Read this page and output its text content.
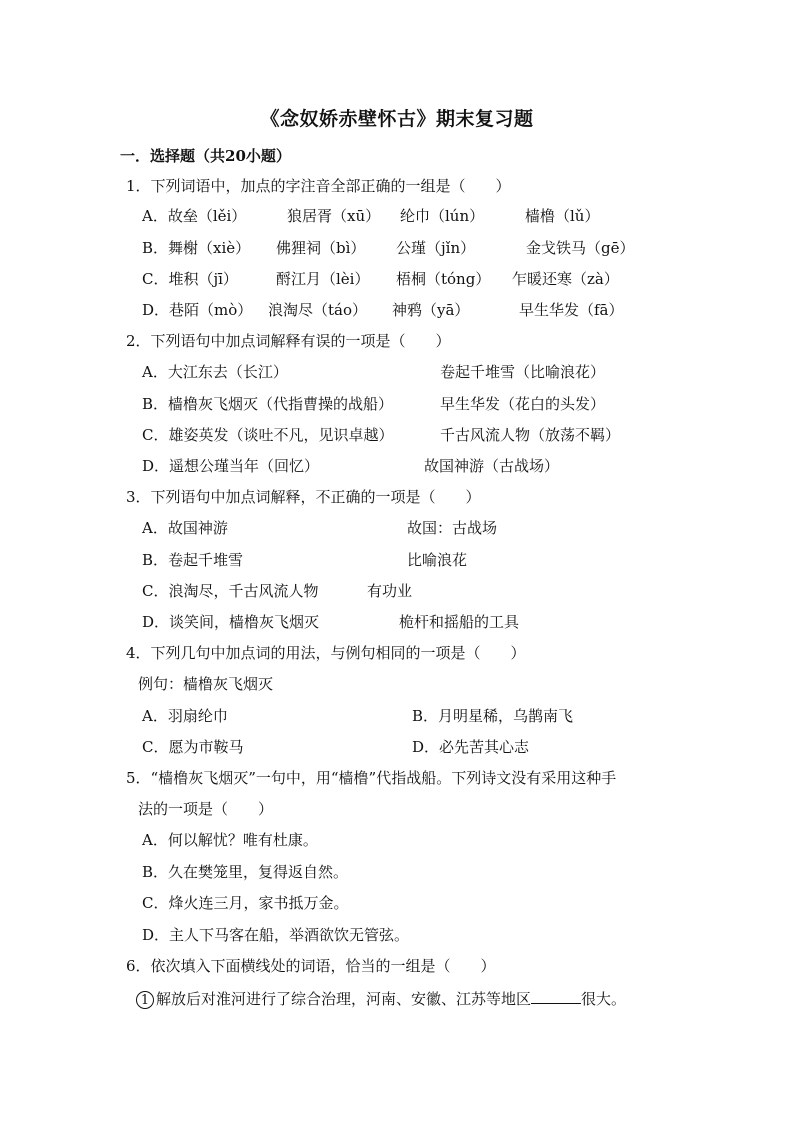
《念奴娇赤壁怀古》期末复习题
一．选择题（共20小题）
1．下列词语中，加点的字注音全部正确的一组是（　　）
A．故垒（lěi）	狼居胥（xū） 纶巾（lún）	樯橹（lǔ）
B．舞榭（xiè） 佛狸祠（bì） 公瑾（jǐn）	金戈铁马（gē）
C．堆积（jī）	酹江月（lèi） 梧桐（tóng） 乍暖还寒（zà）
D．巷陌（mò） 浪淘尽（táo） 神鸦（yā）	早生华发（fā）
2．下列语句中加点词解释有误的一项是（　　）
A．大江东去（长江）	卷起千堆雪（比喻浪花）
B．樯橹灰飞烟灭（代指曹操的战船）	早生华发（花白的头发）
C．雄姿英发（谈吐不凡，见识卓越）	千古风流人物（放荡不羁）
D．遥想公瑾当年（回忆）	故国神游（古战场）
3．下列语句中加点词解释，不正确的一项是（　　）
A．故国神游	故国：古战场
B．卷起千堆雪	比喻浪花
C．浪淘尽，千古风流人物	有功业
D．谈笑间，樯橹灰飞烟灭	桅杆和摇船的工具
4．下列几句中加点词的用法，与例句相同的一项是（　　）
例句：樯橹灰飞烟灭
A．羽扇纶巾	B．月明星稀，乌鹊南飞
C．愿为市鞍马	D．必先苦其心志
5．“樯橹灰飞烟灭”一句中，用“樯橹”代指战船。下列诗文没有采用这种手
法的一项是（　　）
A．何以解忧？唯有杜康。
B．久在樊笼里，复得返自然。
C．烽火连三月，家书抵万金。
D．主人下马客在船，举酒欲饮无管弦。
6．依次填入下面横线处的词语，恰当的一组是（　　）
1 解放后对淮河进行了综合治理，河南、安徽、江苏等地区	很大。
